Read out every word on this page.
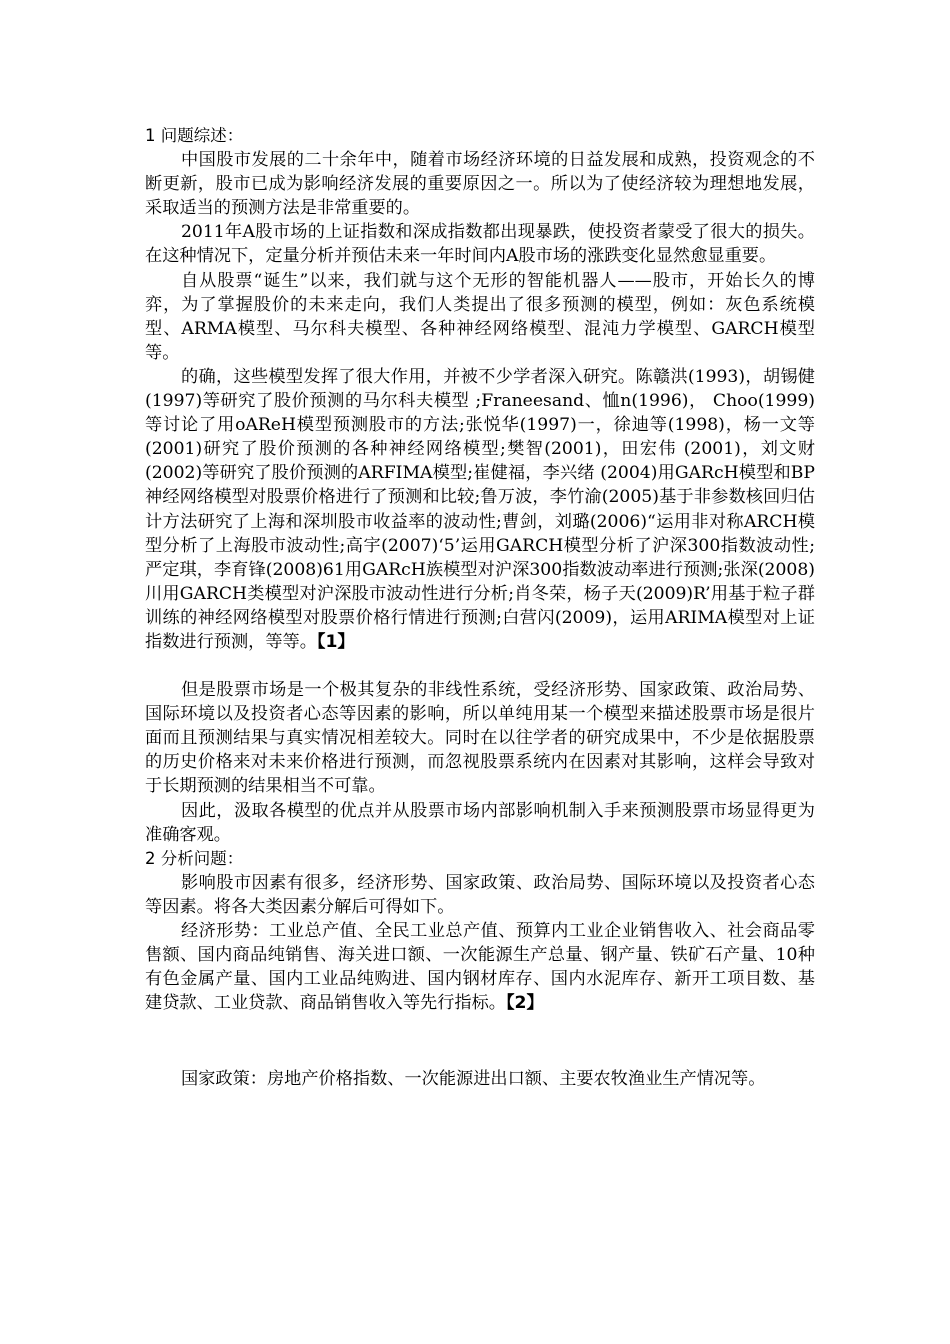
1 问题综述：

中国股市发展的二十余年中，随着市场经济环境的日益发展和成熟，投资观念的不断更新，股市已成为影响经济发展的重要原因之一。所以为了使经济较为理想地发展，采取适当的预测方法是非常重要的。

2011年A股市场的上证指数和深成指数都出现暴跌，使投资者蒙受了很大的损失。在这种情况下，定量分析并预估未来一年时间内A股市场的涨跌变化显然愈显重要。

自从股票“诞生”以来，我们就与这个无形的智能机器人——股市，开始长久的博弈，为了掌握股价的未来走向，我们人类提出了很多预测的模型，例如：灰色系统模型、ARMA模型、马尔科夫模型、各种神经网络模型、混沌力学模型、GARCH模型等。

的确，这些模型发挥了很大作用，并被不少学者深入研究。陈赣洪(1993)，胡锡健(1997)等研究了股价预测的马尔科夫模型 ;Franeesand、恤n(1996)， Choo(1999)等讨论了用oAReH模型预测股市的方法;张悦华(1997)一，徐迪等(1998)，杨一文等(2001)研究了股价预测的各种神经网络模型;樊智(2001)，田宏伟 (2001)，刘文财(2002)等研究了股价预测的ARFIMA模型;崔健福，李兴绪 (2004)用GARcH模型和BP神经网络模型对股票价格进行了预测和比较;鲁万波，李竹渝(2005)基于非参数核回归估计方法研究了上海和深圳股市收益率的波动性;曹剑，刘璐(2006)“运用非对称ARCH模型分析了上海股市波动性;高宇(2007)‘5’运用GARCH模型分析了沪深300指数波动性;严定琪，李育锋(2008)61用GARcH族模型对沪深300指数波动率进行预测;张深(2008)川用GARCH类模型对沪深股市波动性进行分析;肖冬荣，杨子天(2009)R’用基于粒子群训练的神经网络模型对股票价格行情进行预测;白营闪(2009)，运用ARIMA模型对上证指数进行预测，等等。【1】

但是股票市场是一个极其复杂的非线性系统，受经济形势、国家政策、政治局势、国际环境以及投资者心态等因素的影响，所以单纯用某一个模型来描述股票市场是很片面而且预测结果与真实情况相差较大。同时在以往学者的研究成果中，不少是依据股票的历史价格来对未来价格进行预测，而忽视股票系统内在因素对其影响，这样会导致对于长期预测的结果相当不可靠。

因此，汲取各模型的优点并从股票市场内部影响机制入手来预测股票市场显得更为准确客观。

2 分析问题：

影响股市因素有很多，经济形势、国家政策、政治局势、国际环境以及投资者心态等因素。将各大类因素分解后可得如下。

经济形势：工业总产值、全民工业总产值、预算内工业企业销售收入、社会商品零售额、国内商品纯销售、海关进口额、一次能源生产总量、钢产量、铁矿石产量、10种有色金属产量、国内工业品纯购进、国内钢材库存、国内水泥库存、新开工项目数、基建贷款、工业贷款、商品销售收入等先行指标。【2】

国家政策：房地产价格指数、一次能源进出口额、主要农牧渔业生产情况等。
